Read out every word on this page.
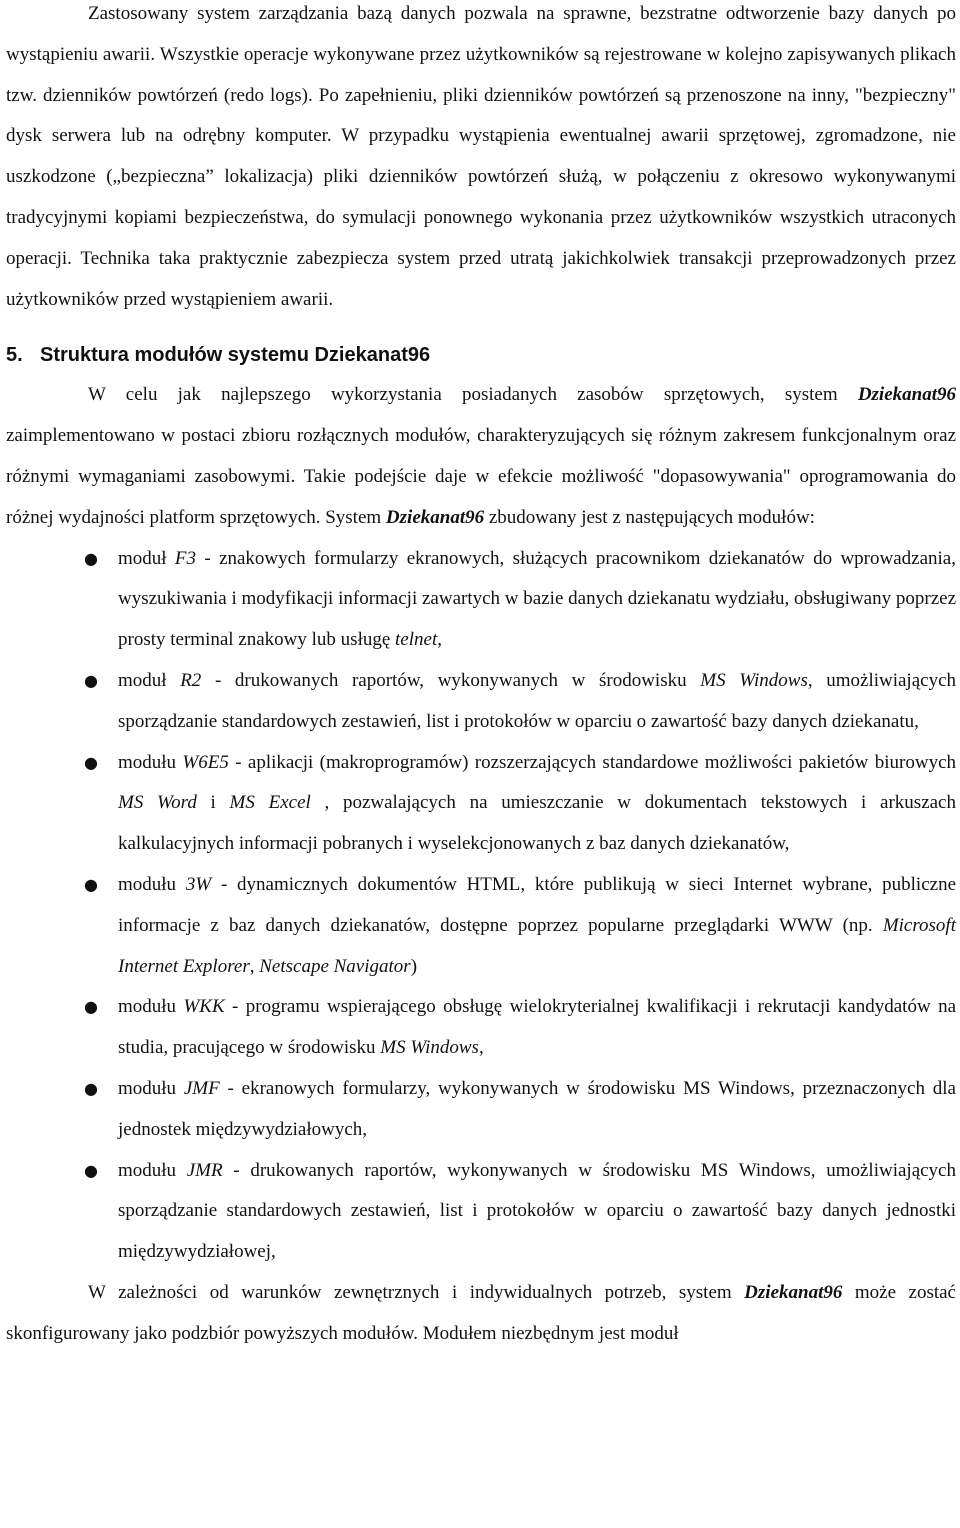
Zastosowany system zarządzania bazą danych pozwala na sprawne, bezstratne odtworzenie bazy danych po wystąpieniu awarii. Wszystkie operacje wykonywane przez użytkowników są rejestrowane w kolejno zapisywanych plikach tzw. dzienników powtórzeń (redo logs). Po zapełnieniu, pliki dzienników powtórzeń są przenoszone na inny, "bezpieczny" dysk serwera lub na odrębny komputer. W przypadku wystąpienia ewentualnej awarii sprzętowej, zgromadzone, nie uszkodzone („bezpieczna” lokalizacja) pliki dzienników powtórzeń służą, w połączeniu z okresowo wykonywanymi tradycyjnymi kopiami bezpieczeństwa, do symulacji ponownego wykonania przez użytkowników wszystkich utraconych operacji. Technika taka praktycznie zabezpiecza system przed utratą jakichkolwiek transakcji przeprowadzonych przez użytkowników przed wystąpieniem awarii.

5. Struktura modułów systemu Dziekanat96

W celu jak najlepszego wykorzystania posiadanych zasobów sprzętowych, system Dziekanat96 zaimplementowano w postaci zbioru rozłącznych modułów, charakteryzujących się różnym zakresem funkcjonalnym oraz różnymi wymaganiami zasobowymi. Takie podejście daje w efekcie możliwość "dopasowywania" oprogramowania do różnej wydajności platform sprzętowych. System Dziekanat96 zbudowany jest z następujących modułów:

● moduł F3 - znakowych formularzy ekranowych, służących pracownikom dziekanatów do wprowadzania, wyszukiwania i modyfikacji informacji zawartych w bazie danych dziekanatu wydziału, obsługiwany poprzez prosty terminal znakowy lub usługę telnet,
● moduł R2 - drukowanych raportów, wykonywanych w środowisku MS Windows, umożliwiających sporządzanie standardowych zestawień, list i protokołów w oparciu o zawartość bazy danych dziekanatu,
● modułu W6E5 - aplikacji (makroprogramów) rozszerzających standardowe możliwości pakietów biurowych MS Word i MS Excel , pozwalających na umieszczanie w dokumentach tekstowych i arkuszach kalkulacyjnych informacji pobranych i wyselekcjonowanych z baz danych dziekanatów,
● modułu 3W - dynamicznych dokumentów HTML, które publikują w sieci Internet wybrane, publiczne informacje z baz danych dziekanatów, dostępne poprzez popularne przeglądarki WWW (np. Microsoft Internet Explorer, Netscape Navigator)
● modułu WKK - programu wspierającego obsługę wielokryterialnej kwalifikacji i rekrutacji kandydatów na studia, pracującego w środowisku MS Windows,
● modułu JMF - ekranowych formularzy, wykonywanych w środowisku MS Windows, przeznaczonych dla jednostek międzywydziałowych,
● modułu JMR - drukowanych raportów, wykonywanych w środowisku MS Windows, umożliwiających sporządzanie standardowych zestawień, list i protokołów w oparciu o zawartość bazy danych jednostki międzywydziałowej,

W zależności od warunków zewnętrznych i indywidualnych potrzeb, system Dziekanat96 może zostać skonfigurowany jako podzbiór powyższych modułów. Modułem niezbędnym jest moduł
